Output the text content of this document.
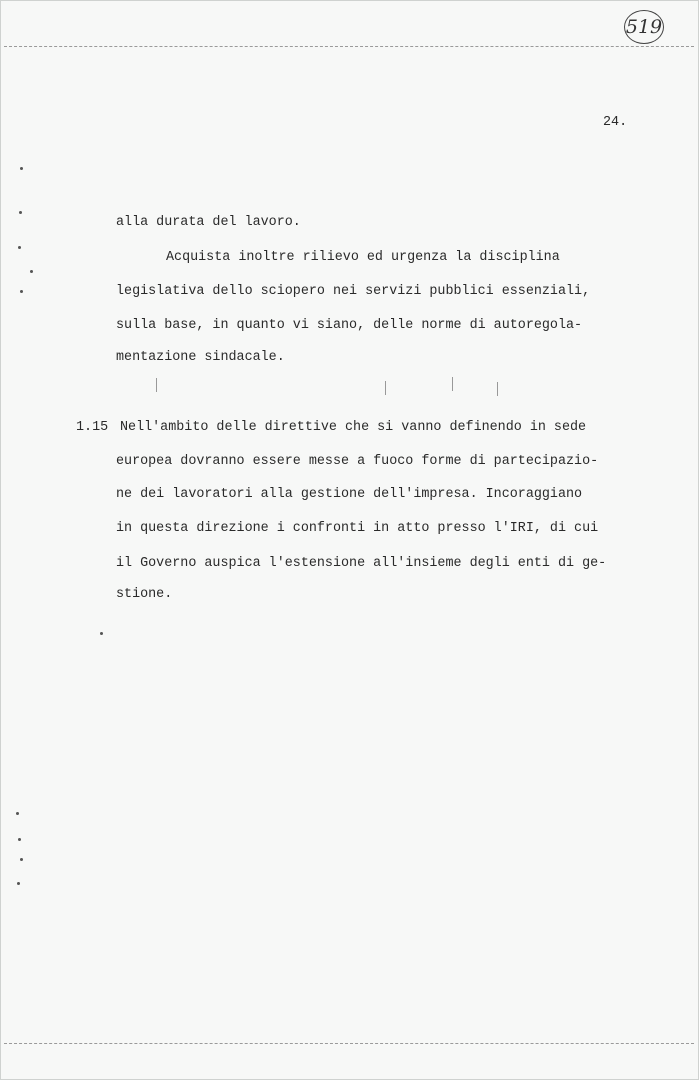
519
24.
alla durata del lavoro.
Acquista inoltre rilievo ed urgenza la disciplina
legislativa dello sciopero nei servizi pubblici essenziali,
sulla base, in quanto vi siano, delle norme di autoregola-
mentazione sindacale.
1.15 Nell'ambito delle direttive che si vanno definendo in sede
europea dovranno essere messe a fuoco forme di partecipazio-
ne dei lavoratori alla gestione dell'impresa. Incoraggiano
in questa direzione i confronti in atto presso l'IRI, di cui
il Governo auspica l'estensione all'insieme degli enti di ge-
stione.
